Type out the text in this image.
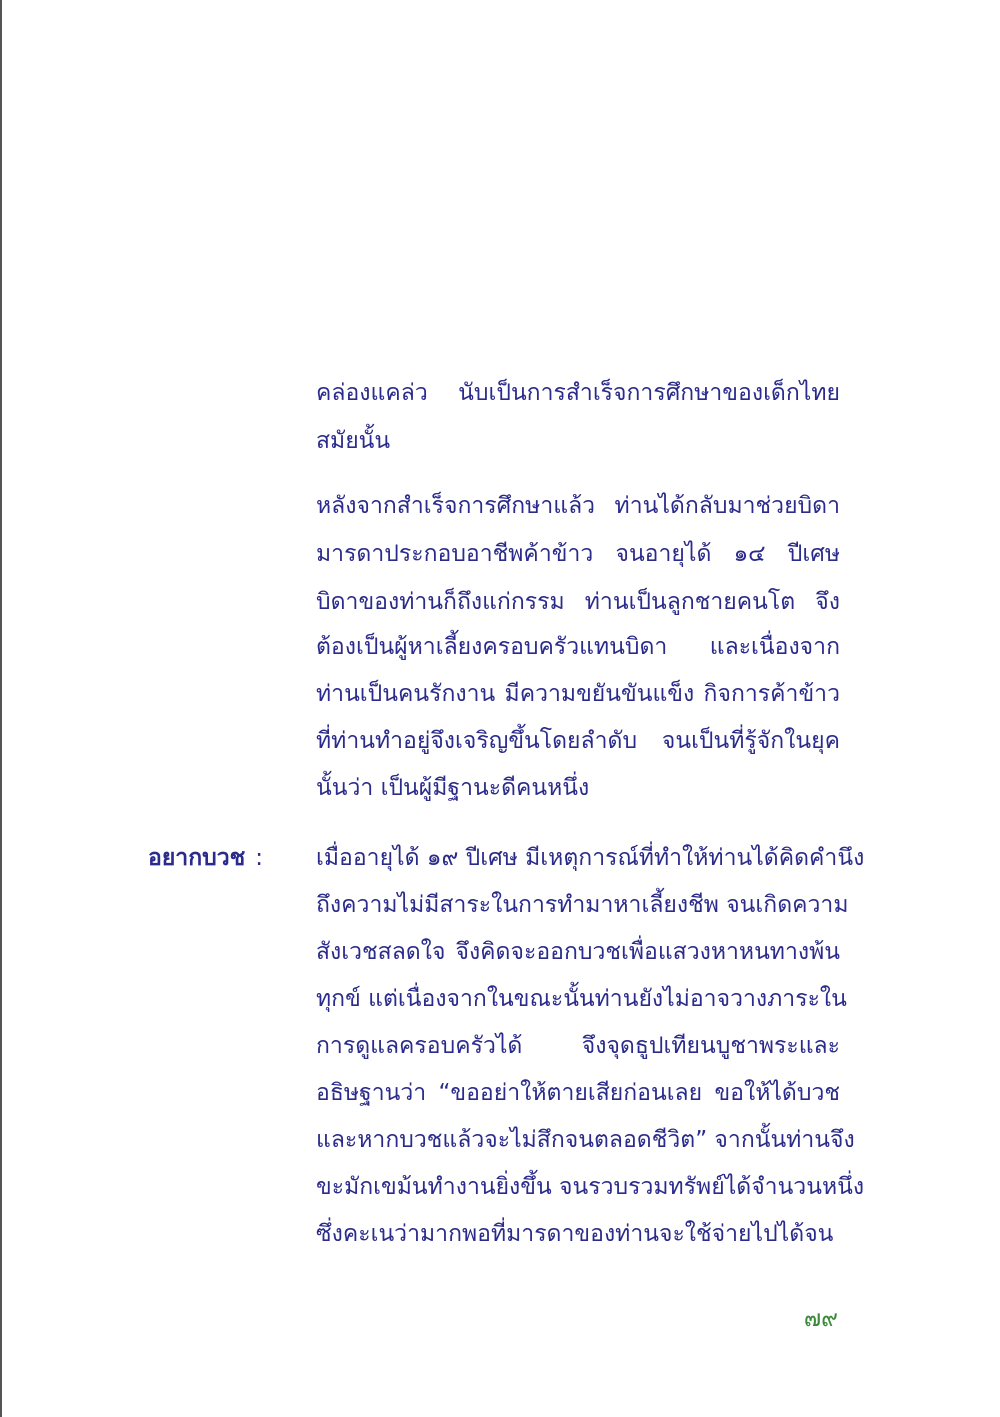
คล่องแคล่ว นับเป็นการสำเร็จการศึกษาของเด็กไทย
สมัยนั้น
หลังจากสำเร็จการศึกษาแล้ว ท่านได้กลับมาช่วยบิดา
มารดาประกอบอาชีพค้าข้าว จนอายุได้ ๑๔ ปีเศษ
บิดาของท่านก็ถึงแก่กรรม ท่านเป็นลูกชายคนโต จึง
ต้องเป็นผู้หาเลี้ยงครอบครัวแทนบิดา และเนื่องจาก
ท่านเป็นคนรักงาน มีความขยันขันแข็ง กิจการค้าข้าว
ที่ท่านทำอยู่จึงเจริญขึ้นโดยลำดับ จนเป็นที่รู้จักในยุค
นั้นว่า เป็นผู้มีฐานะดีคนหนึ่ง
อยากบวช : เมื่ออายุได้ ๑๙ ปีเศษ มีเหตุการณ์ที่ทำให้ท่านได้คิดคำนึง
ถึงความไม่มีสาระในการทำมาหาเลี้ยงชีพ จนเกิดความ
สังเวชสลดใจ จึงคิดจะออกบวชเพื่อแสวงหาหนทางพ้น
ทุกข์ แต่เนื่องจากในขณะนั้นท่านยังไม่อาจวางภาระใน
การดูแลครอบครัวได้ จึงจุดธูปเทียนบูชาพระและ
อธิษฐานว่า “ขออย่าให้ตายเสียก่อนเลย ขอให้ได้บวช
และหากบวชแล้วจะไม่สึกจนตลอดชีวิต” จากนั้นท่านจึง
ขะมักเขม้นทำงานยิ่งขึ้น จนรวบรวมทรัพย์ได้จำนวนหนึ่ง
ซึ่งคะเนว่ามากพอที่มารดาของท่านจะใช้จ่ายไปได้จน
๗๙
